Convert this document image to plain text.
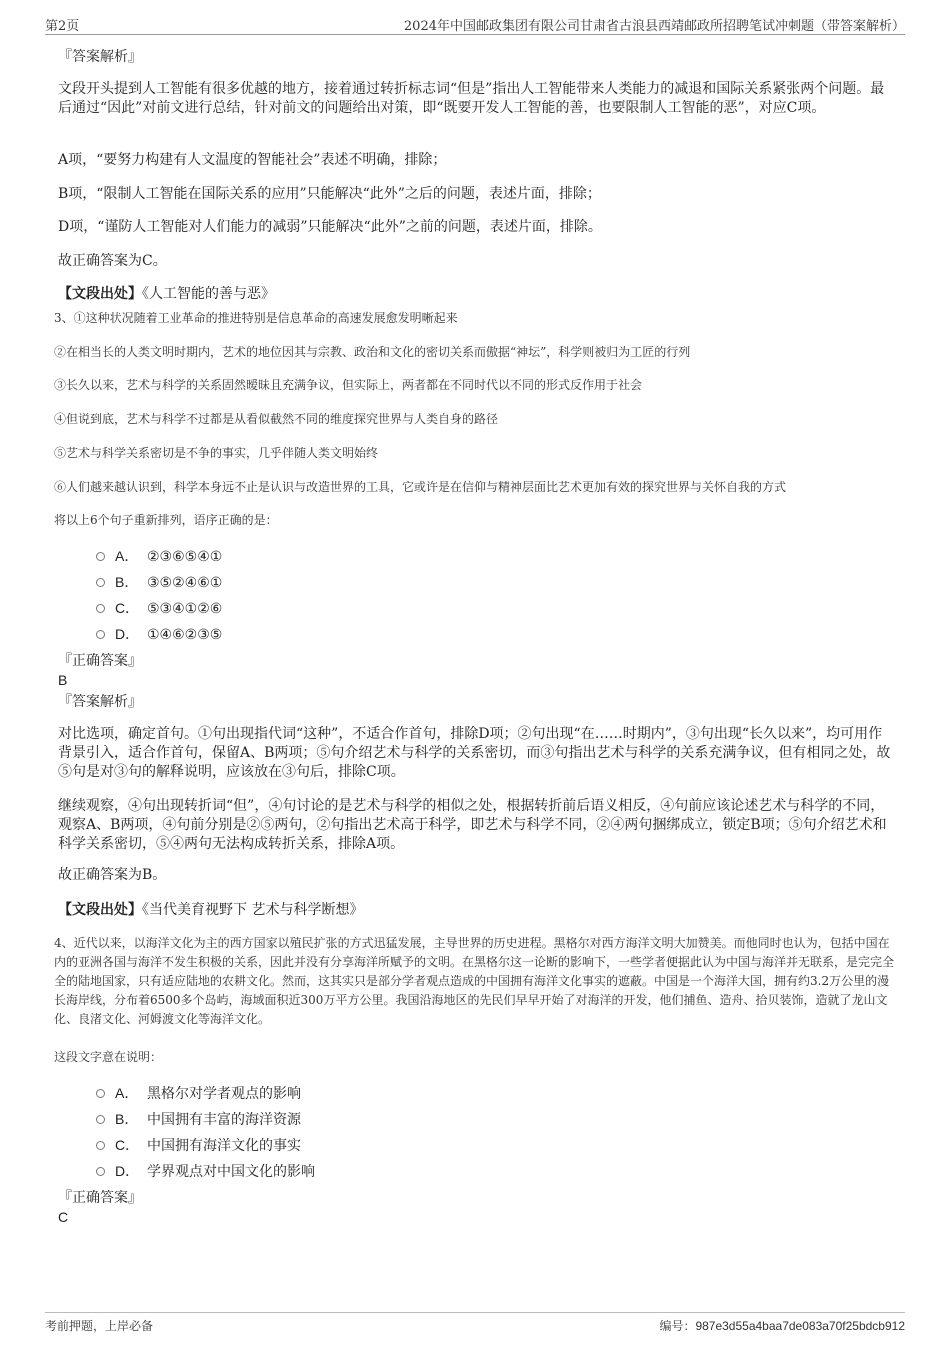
第2页	2024年中国邮政集团有限公司甘肃省古浪县西靖邮政所招聘笔试冲刺题（带答案解析）
『答案解析』
文段开头提到人工智能有很多优越的地方，接着通过转折标志词“但是”指出人工智能带来人类能力的减退和国际关系紧张两个问题。最后通过“因此”对前文进行总结，针对前文的问题给出对策，即“既要开发人工智能的善，也要限制人工智能的恶”，对应C项。
A项，“要努力构建有人文温度的智能社会”表述不明确，排除；
B项，“限制人工智能在国际关系的应用”只能解决“此外”之后的问题，表述片面，排除；
D项，“谨防人工智能对人们能力的减弱”只能解决“此外”之前的问题，表述片面，排除。
故正确答案为C。
【文段出处】《人工智能的善与恶》
3、①这种状况随着工业革命的推进特别是信息革命的高速发展愈发明晰起来
②在相当长的人类文明时期内，艺术的地位因其与宗教、政治和文化的密切关系而傲据“神坛”，科学则被归为工匠的行列
③长久以来，艺术与科学的关系固然暧昧且充满争议，但实际上，两者都在不同时代以不同的形式反作用于社会
④但说到底，艺术与科学不过都是从看似截然不同的维度探究世界与人类自身的路径
⑤艺术与科学关系密切是不争的事实，几乎伴随人类文明始终
⑥人们越来越认识到，科学本身远不止是认识与改造世界的工具，它或许是在信仰与精神层面比艺术更加有效的探究世界与关怀自我的方式
将以上6个句子重新排列，语序正确的是：
A． ②③⑥⑤④①
B． ③⑤②④⑥①
C． ⑤③④①②⑥
D． ①④⑥②③⑤
『正确答案』
B
『答案解析』
对比选项，确定首句。①句出现指代词“这种”，不适合作首句，排除D项；②句出现“在……时期内”，③句出现“长久以来”，均可用作背景引入，适合作首句，保留A、B两项；⑤句介绍艺术与科学的关系密切，而③句指出艺术与科学的关系充满争议，但有相同之处，故⑤句是对③句的解释说明，应该放在③句后，排除C项。
继续观察，④句出现转折词“但”，④句讨论的是艺术与科学的相似之处，根据转折前后语义相反，④句前应该论述艺术与科学的不同，观察A、B两项，④句前分别是②⑤两句，②句指出艺术高于科学，即艺术与科学不同，②④两句捆绑成立，锁定B项；⑤句介绍艺术和科学关系密切，⑤④两句无法构成转折关系，排除A项。
故正确答案为B。
【文段出处】《当代美育视野下 艺术与科学断想》
4、近代以来，以海洋文化为主的西方国家以殖民扩张的方式迅猛发展，主导世界的历史进程。黑格尔对西方海洋文明大加赞美。而他同时也认为，包括中国在内的亚洲各国与海洋不发生积极的关系，因此并没有分享海洋所赋予的文明。在黑格尔这一论断的影响下，一些学者便据此认为中国与海洋并无联系，是完完全全的陆地国家，只有适应陆地的农耕文化。然而，这其实只是部分学者观点造成的中国拥有海洋文化事实的遮蔽。中国是一个海洋大国，拥有约3.2万公里的漫长海岸线，分布着6500多个岛屿，海域面积近300万平方公里。我国沿海地区的先民们早早开始了对海洋的开发，他们捕鱼、造舟、拾贝装饰，造就了龙山文化、良渚文化、河姆渡文化等海洋文化。
这段文字意在说明：
A． 黑格尔对学者观点的影响
B． 中国拥有丰富的海洋资源
C． 中国拥有海洋文化的事实
D． 学界观点对中国文化的影响
『正确答案』
C
考前押题，上岸必备	编号：987e3d55a4baa7de083a70f25bdcb912
